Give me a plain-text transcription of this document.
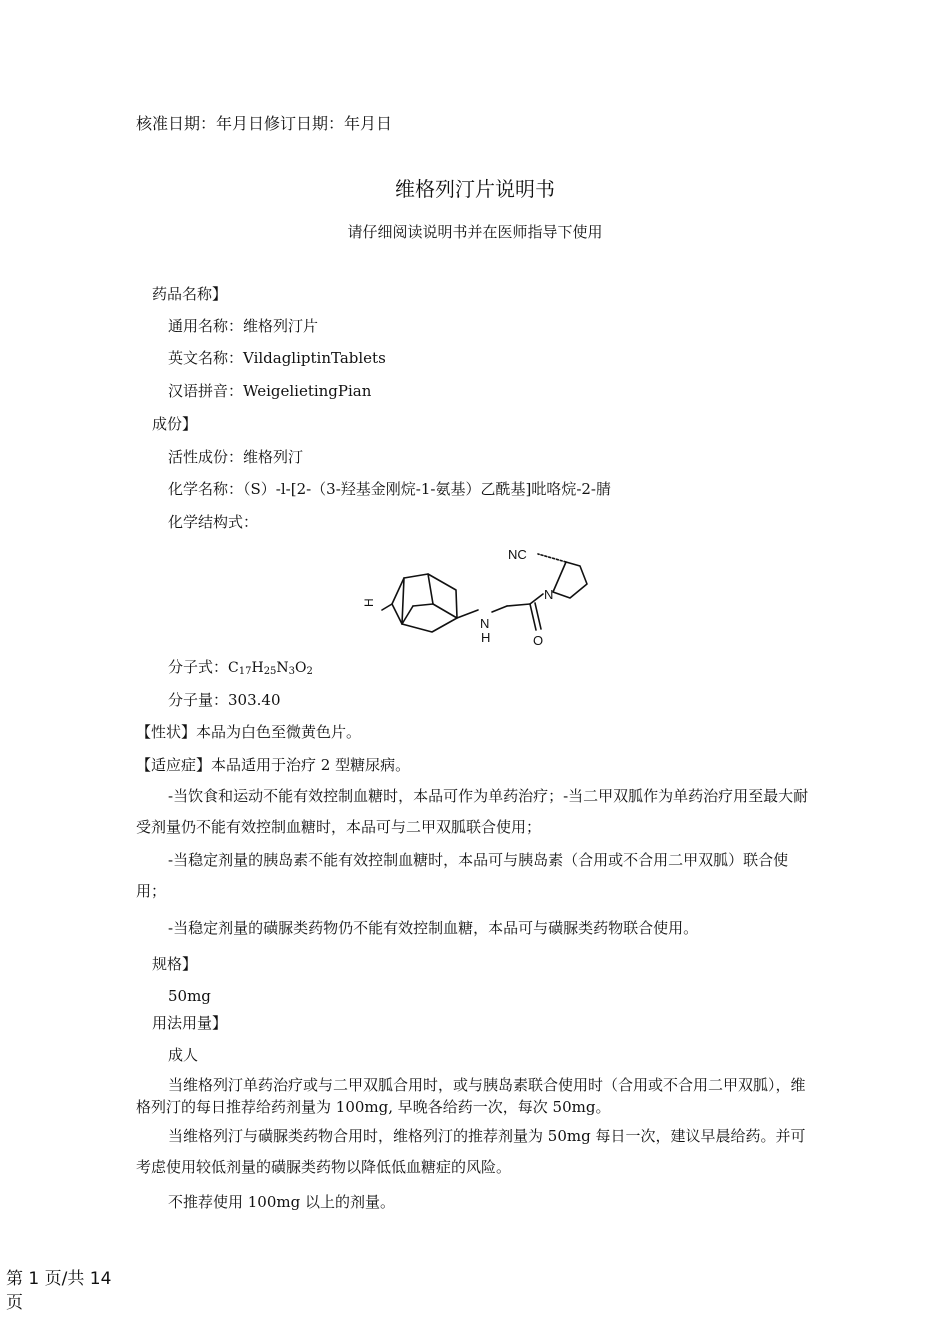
核准日期：年月日修订日期：年月日
维格列汀片说明书
请仔细阅读说明书并在医师指导下使用
药品名称】
通用名称：维格列汀片
英文名称：VildagliptinTablets
汉语拼音：WeigelietingPian
成份】
活性成份：维格列汀
化学名称：（S）-l-[2-（3-羟基金刚烷-1-氨基）乙酰基]吡咯烷-2-腈
化学结构式：
NC
N
N
H	O
H
分子式：$C_{17}H_{25}N_3O_2$
分子量：303.40
【性状】本品为白色至微黄色片。
【适应症】本品适用于治疗 2 型糖尿病。
-当饮食和运动不能有效控制血糖时，本品可作为单药治疗；-当二甲双胍作为单药治疗用至最大耐受剂量仍不能有效控制血糖时，本品可与二甲双胍联合使用；
-当稳定剂量的胰岛素不能有效控制血糖时，本品可与胰岛素（合用或不合用二甲双胍）联合使用；
-当稳定剂量的磺脲类药物仍不能有效控制血糖，本品可与磺脲类药物联合使用。
规格】
50mg
用法用量】
成人
当维格列汀单药治疗或与二甲双胍合用时，或与胰岛素联合使用时（合用或不合用二甲双胍），维格列汀的每日推荐给药剂量为 100mg, 早晚各给药一次，每次 50mg。
当维格列汀与磺脲类药物合用时，维格列汀的推荐剂量为 50mg 每日一次，建议早晨给药。并可考虑使用较低剂量的磺脲类药物以降低低血糖症的风险。
不推荐使用 100mg 以上的剂量。
第 1 页/共 14 页
